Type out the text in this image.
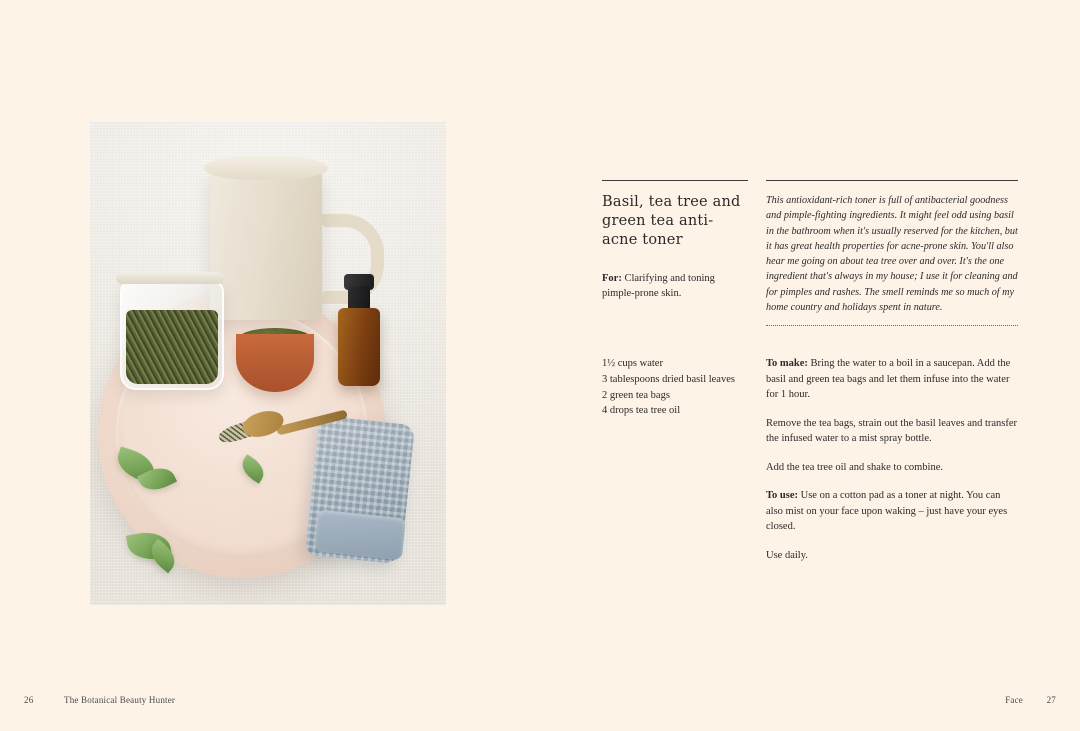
Basil, tea tree and green tea anti-acne toner

For: Clarifying and toning pimple-prone skin.

1½ cups water
3 tablespoons dried basil leaves
2 green tea bags
4 drops tea tree oil

This antioxidant-rich toner is full of antibacterial goodness and pimple-fighting ingredients. It might feel odd using basil in the bathroom when it's usually reserved for the kitchen, but it has great health properties for acne-prone skin. You'll also hear me going on about tea tree over and over. It's the one ingredient that's always in my house; I use it for cleaning and for pimples and rashes. The smell reminds me so much of my home country and holidays spent in nature.

To make: Bring the water to a boil in a saucepan. Add the basil and green tea bags and let them infuse into the water for 1 hour.

Remove the tea bags, strain out the basil leaves and transfer the infused water to a mist spray bottle.

Add the tea tree oil and shake to combine.

To use: Use on a cotton pad as a toner at night. You can also mist on your face upon waking – just have your eyes closed.

Use daily.

26	The Botanical Beauty Hunter	Face	27
